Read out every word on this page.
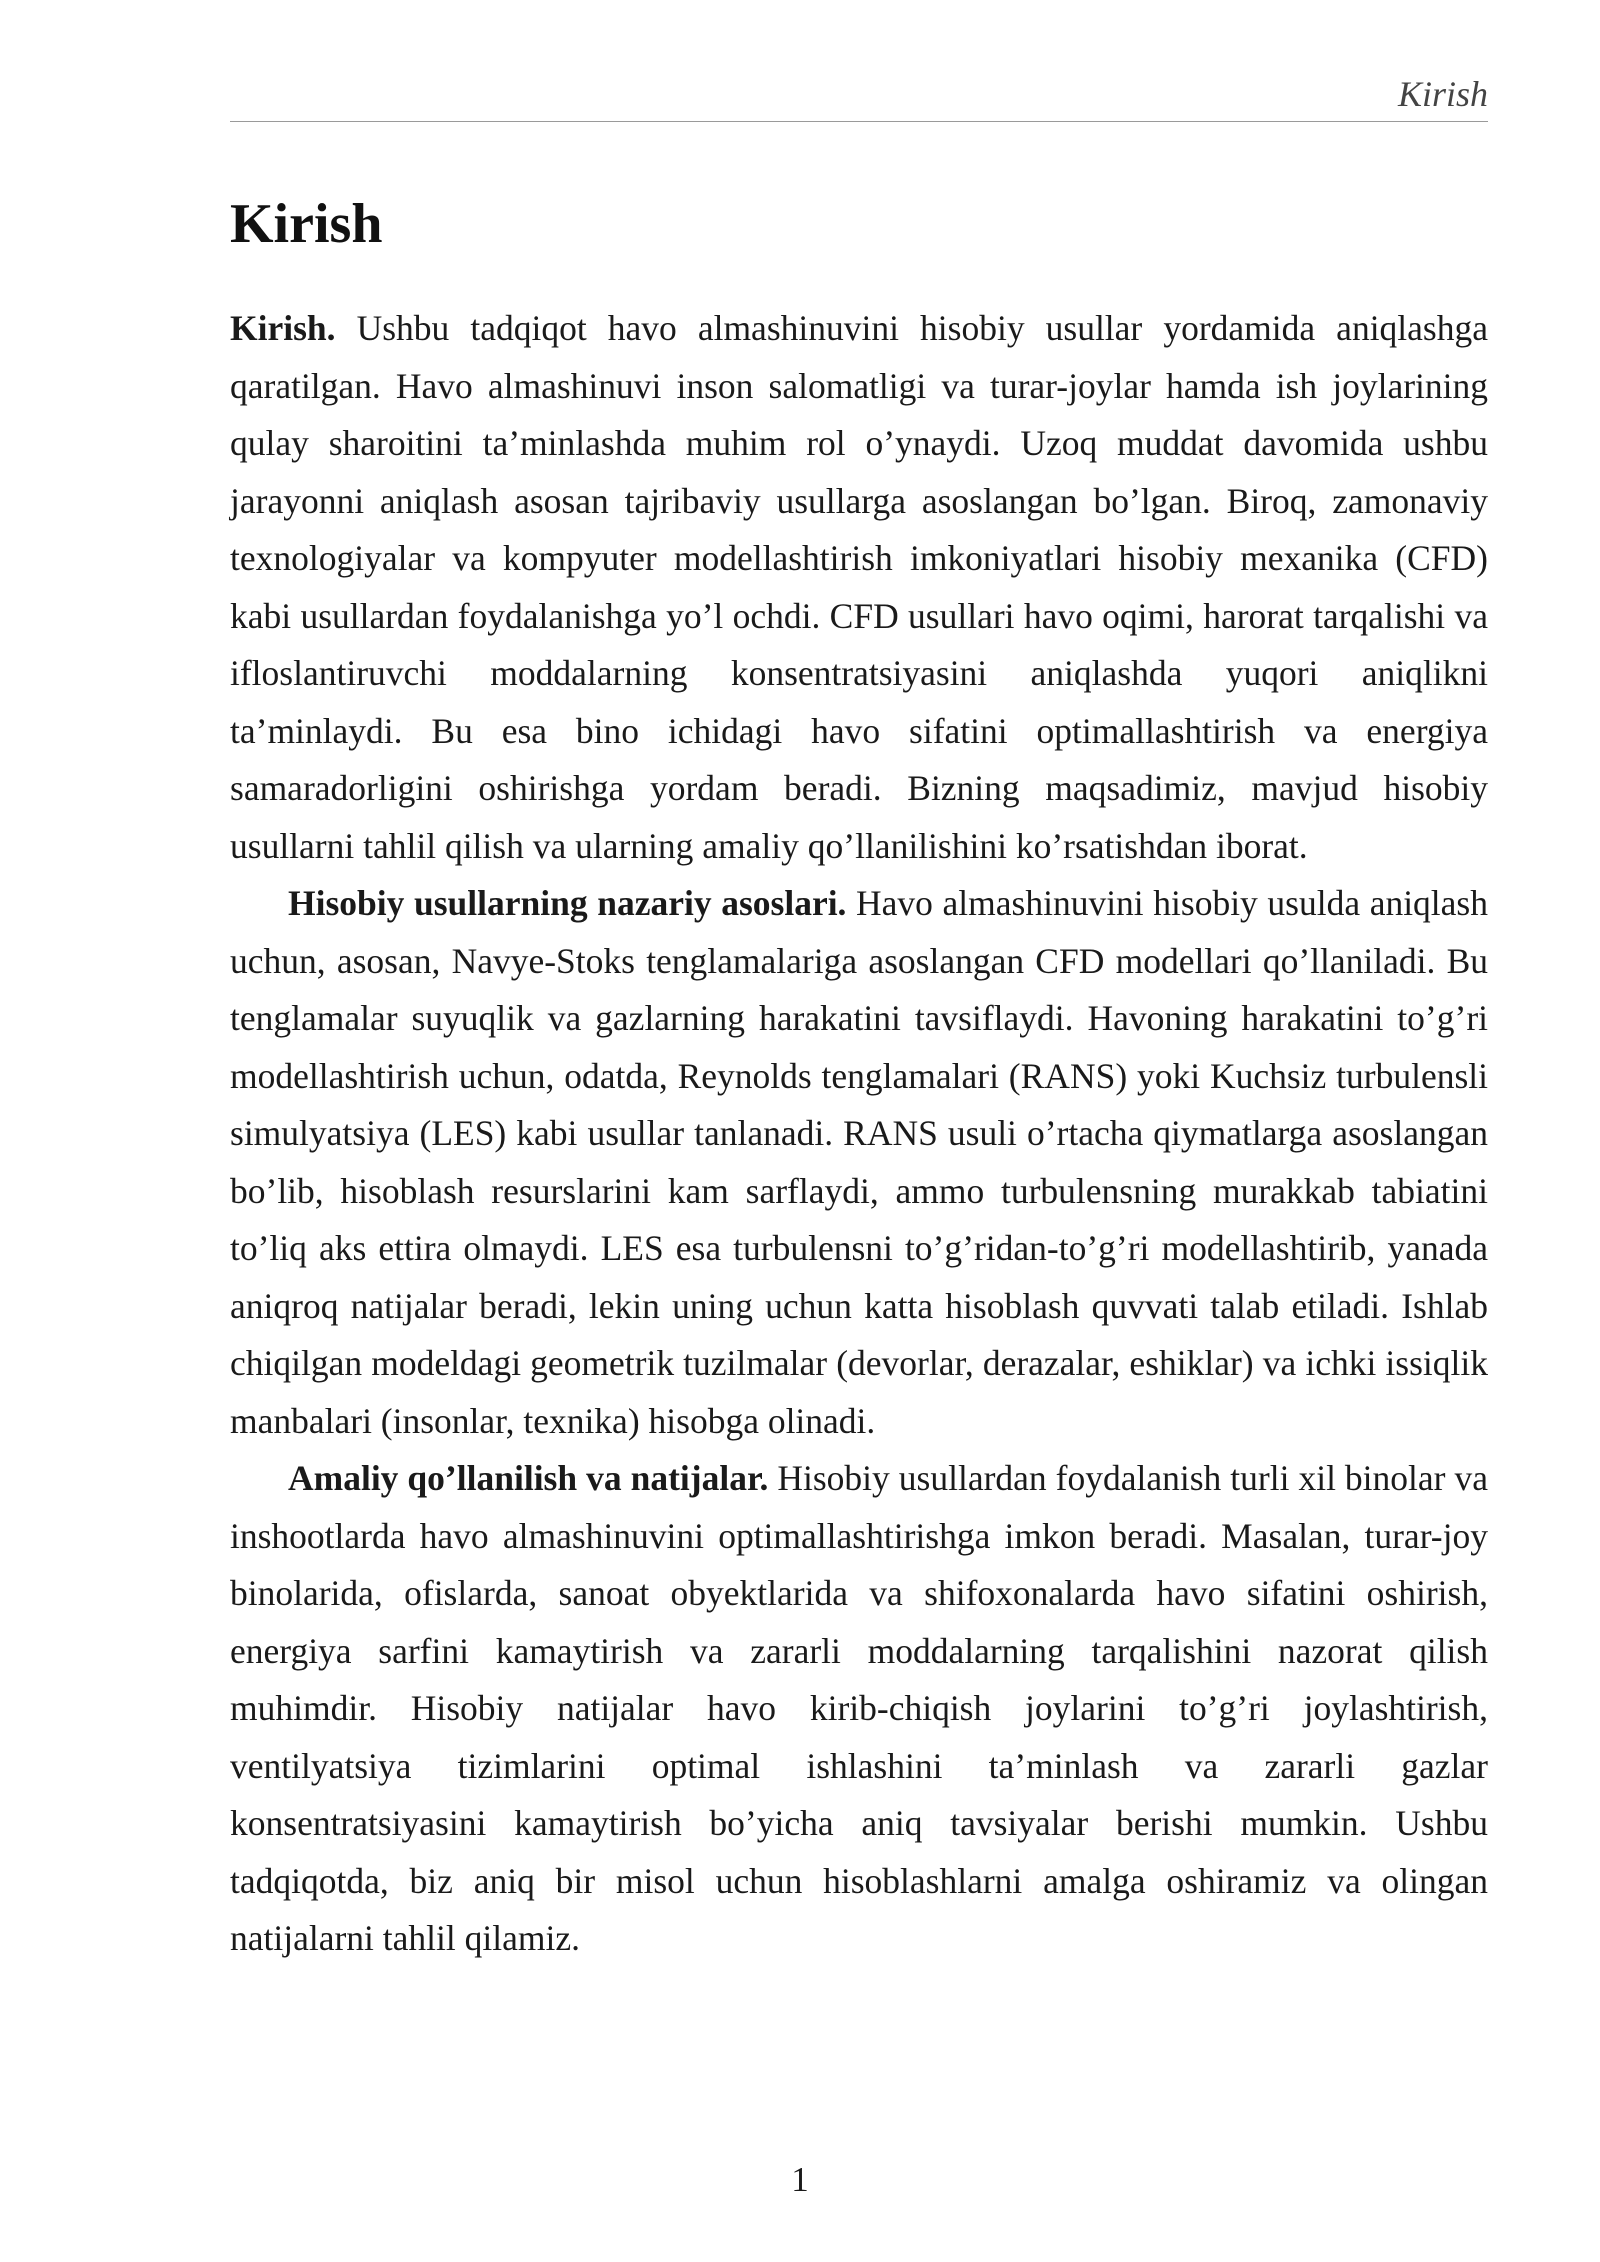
Kirish
Kirish

Kirish. Ushbu tadqiqot havo almashinuvini hisobiy usullar yordamida aniqlashga qaratilgan. Havo almashinuvi inson salomatligi va turar-joylar hamda ish joylarining qulay sharoitini ta’minlashda muhim rol o’ynaydi. Uzoq muddat davomida ushbu jarayonni aniqlash asosan tajribaviy usullarga asoslangan bo’lgan. Biroq, zamonaviy texnologiyalar va kompyuter modellashtirish imkoniyatlari hisobiy mexanika (CFD) kabi usullardan foydalanishga yo’l ochdi. CFD usullari havo oqimi, harorat tarqalishi va ifloslantiruvchi moddalarning konsentratsiyasini aniqlashda yuqori aniqlikni ta’minlaydi. Bu esa bino ichidagi havo sifatini optimallashtirish va energiya samaradorligini oshirishga yordam beradi. Bizning maqsadimiz, mavjud hisobiy usullarni tahlil qilish va ularning amaliy qo’llanilishini ko’rsatishdan iborat.

Hisobiy usullarning nazariy asoslari. Havo almashinuvini hisobiy usulda aniqlash uchun, asosan, Navye-Stoks tenglamalariga asoslangan CFD modellari qo’llaniladi. Bu tenglamalar suyuqlik va gazlarning harakatini tavsiflaydi. Havoning harakatini to’g’ri modellashtirish uchun, odatda, Reynolds tenglamalari (RANS) yoki Kuchsiz turbulensli simulyatsiya (LES) kabi usullar tanlanadi. RANS usuli o’rtacha qiymatlarga asoslangan bo’lib, hisoblash resurslarini kam sarflaydi, ammo turbulensning murakkab tabiatini to’liq aks ettira olmaydi. LES esa turbulensni to’g’ridan-to’g’ri modellashtirib, yanada aniqroq natijalar beradi, lekin uning uchun katta hisoblash quvvati talab etiladi. Ishlab chiqilgan modeldagi geometrik tuzilmalar (devorlar, derazalar, eshiklar) va ichki issiqlik manbalari (insonlar, texnika) hisobga olinadi.

Amaliy qo’llanilish va natijalar. Hisobiy usullardan foydalanish turli xil binolar va inshootlarda havo almashinuvini optimallashtirishga imkon beradi. Masalan, turar-joy binolarida, ofislarda, sanoat obyektlarida va shifoxonalarda havo sifatini oshirish, energiya sarfini kamaytirish va zararli moddalarning tarqalishini nazorat qilish muhimdir. Hisobiy natijalar havo kirib-chiqish joylarini to’g’ri joylashtirish, ventilyatsiya tizimlarini optimal ishlashini ta’minlash va zararli gazlar konsentratsiyasini kamaytirish bo’yicha aniq tavsiyalar berishi mumkin. Ushbu tadqiqotda, biz aniq bir misol uchun hisoblashlarni amalga oshiramiz va olingan natijalarni tahlil qilamiz.

1
